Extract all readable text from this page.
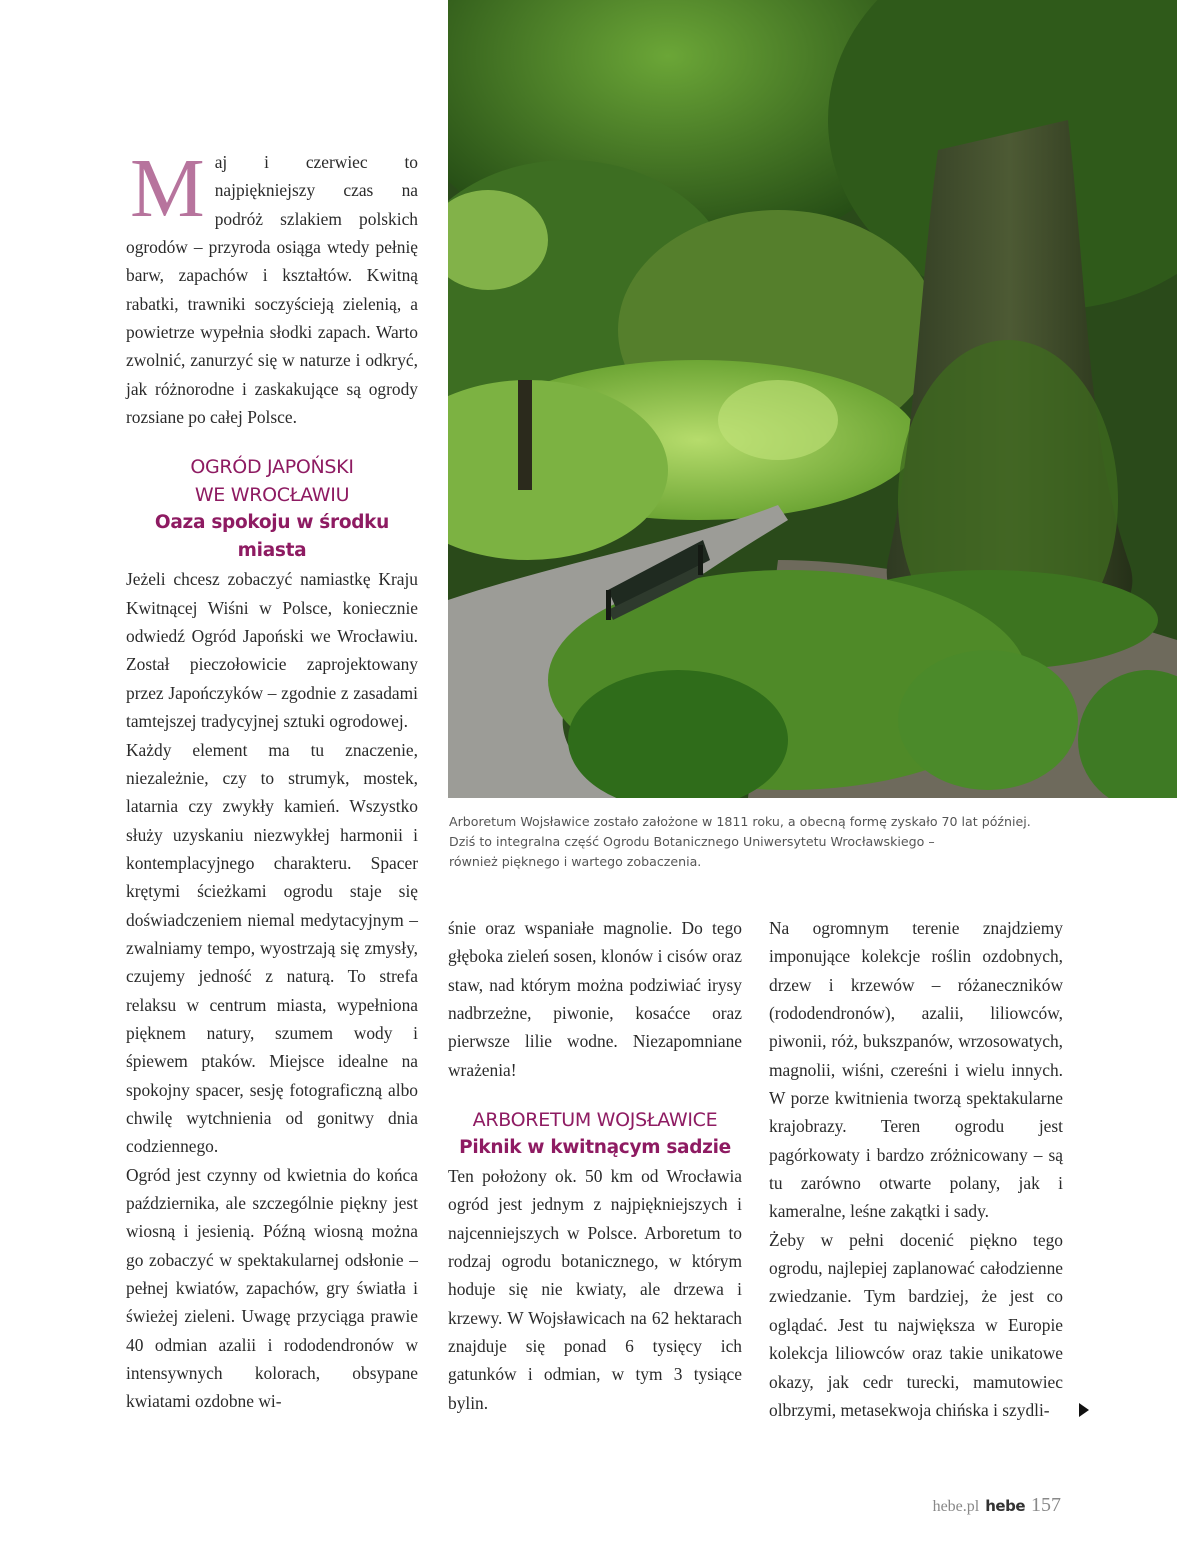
Arboretum Wojsławice zostało założone w 1811 roku, a obecną formę zyskało 70 lat później.
Dziś to integralna część Ogrodu Botanicznego Uniwersytetu Wrocławskiego –
również pięknego i wartego zobaczenia.

Maj i czerwiec to najpiękniejszy czas na podróż szlakiem polskich ogrodów – przyroda osiąga wtedy pełnię barw, zapachów i kształtów. Kwitną rabatki, trawniki soczyścieją zielenią, a powietrze wypełnia słodki zapach. Warto zwolnić, zanurzyć się w naturze i odkryć, jak różnorodne i zaskakujące są ogrody rozsiane po całej Polsce.

OGRÓD JAPOŃSKI
WE WROCŁAWIU
Oaza spokoju w środku miasta

Jeżeli chcesz zobaczyć namiastkę Kraju Kwitnącej Wiśni w Polsce, koniecznie odwiedź Ogród Japoński we Wrocławiu. Został pieczołowicie zaprojektowany przez Japończyków – zgodnie z zasadami tamtejszej tradycyjnej sztuki ogrodowej.

Każdy element ma tu znaczenie, niezależnie, czy to strumyk, mostek, latarnia czy zwykły kamień. Wszystko służy uzyskaniu niezwykłej harmonii i kontemplacyjnego charakteru. Spacer krętymi ścieżkami ogrodu staje się doświadczeniem niemal medytacyjnym – zwalniamy tempo, wyostrzają się zmysły, czujemy jedność z naturą. To strefa relaksu w centrum miasta, wypełniona pięknem natury, szumem wody i śpiewem ptaków. Miejsce idealne na spokojny spacer, sesję fotograficzną albo chwilę wytchnienia od gonitwy dnia codziennego.

Ogród jest czynny od kwietnia do końca października, ale szczególnie piękny jest wiosną i jesienią. Późną wiosną można go zobaczyć w spektakularnej odsłonie – pełnej kwiatów, zapachów, gry światła i świeżej zieleni. Uwagę przyciąga prawie 40 odmian azalii i rododendronów w intensywnych kolorach, obsypane kwiatami ozdobne wi-

śnie oraz wspaniałe magnolie. Do tego głęboka zieleń sosen, klonów i cisów oraz staw, nad którym można podziwiać irysy nadbrzeżne, piwonie, kosaćce oraz pierwsze lilie wodne. Niezapomniane wrażenia!

ARBORETUM WOJSŁAWICE
Piknik w kwitnącym sadzie

Ten położony ok. 50 km od Wrocławia ogród jest jednym z najpiękniejszych i najcenniejszych w Polsce. Arboretum to rodzaj ogrodu botanicznego, w którym hoduje się nie kwiaty, ale drzewa i krzewy. W Wojsławicach na 62 hektarach znajduje się ponad 6 tysięcy ich gatunków i odmian, w tym 3 tysiące bylin.

Na ogromnym terenie znajdziemy imponujące kolekcje roślin ozdobnych, drzew i krzewów – różaneczników (rododendronów), azalii, liliowców, piwonii, róż, bukszpanów, wrzosowatych, magnolii, wiśni, czereśni i wielu innych. W porze kwitnienia tworzą spektakularne krajobrazy. Teren ogrodu jest pagórkowaty i bardzo zróżnicowany – są tu zarówno otwarte polany, jak i kameralne, leśne zakątki i sady.

Żeby w pełni docenić piękno tego ogrodu, najlepiej zaplanować całodzienne zwiedzanie. Tym bardziej, że jest co oglądać. Jest tu największa w Europie kolekcja liliowców oraz takie unikatowe okazy, jak cedr turecki, mamutowiec olbrzymi, metasekwoja chińska i szydli-

hebe.pl hebe 157
